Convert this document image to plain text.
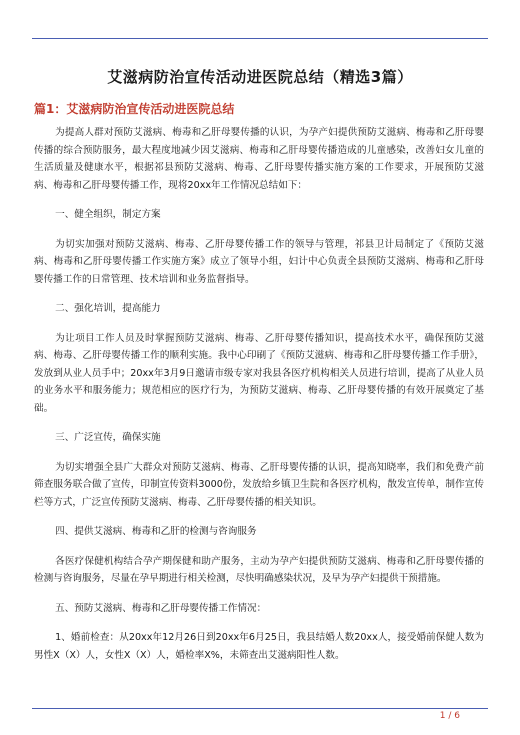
艾滋病防治宣传活动进医院总结（精选3篇）
篇1：艾滋病防治宣传活动进医院总结

为提高人群对预防艾滋病、梅毒和乙肝母婴传播的认识，为孕产妇提供预防艾滋病、梅毒和乙肝母婴传播的综合预防服务，最大程度地减少因艾滋病、梅毒和乙肝母婴传播造成的儿童感染，改善妇女儿童的生活质量及健康水平，根据祁县预防艾滋病、梅毒、乙肝母婴传播实施方案的工作要求，开展预防艾滋病、梅毒和乙肝母婴传播工作，现将20xx年工作情况总结如下：

一、健全组织，制定方案

为切实加强对预防艾滋病、梅毒、乙肝母婴传播工作的领导与管理，祁县卫计局制定了《预防艾滋病、梅毒和乙肝母婴传播工作实施方案》成立了领导小组，妇计中心负责全县预防艾滋病、梅毒和乙肝母婴传播工作的日常管理、技术培训和业务监督指导。

二、强化培训，提高能力

为让项目工作人员及时掌握预防艾滋病、梅毒、乙肝母婴传播知识，提高技术水平，确保预防艾滋病、梅毒、乙肝母婴传播工作的顺利实施。我中心印刷了《预防艾滋病、梅毒和乙肝母婴传播工作手册》，发放到从业人员手中；20xx年3月9日邀请市级专家对我县各医疗机构相关人员进行培训，提高了从业人员的业务水平和服务能力；规范相应的医疗行为，为预防艾滋病、梅毒、乙肝母婴传播的有效开展奠定了基础。

三、广泛宣传，确保实施

为切实增强全县广大群众对预防艾滋病、梅毒、乙肝母婴传播的认识，提高知晓率，我们和免费产前筛查服务联合做了宣传，印制宣传资料3000份，发放给乡镇卫生院和各医疗机构，散发宣传单，制作宣传栏等方式，广泛宣传预防艾滋病、梅毒、乙肝母婴传播的相关知识。

四、提供艾滋病、梅毒和乙肝的检测与咨询服务

各医疗保健机构结合孕产期保健和助产服务，主动为孕产妇提供预防艾滋病、梅毒和乙肝母婴传播的检测与咨询服务，尽量在孕早期进行相关检测，尽快明确感染状况，及早为孕产妇提供干预措施。

五、预防艾滋病、梅毒和乙肝母婴传播工作情况：

1、婚前检查：从20xx年12月26日到20xx年6月25日，我县结婚人数20xx人，接受婚前保健人数为男性X（X）人，女性X（X）人，婚检率X%，未筛查出艾滋病阳性人数。

1 / 6
